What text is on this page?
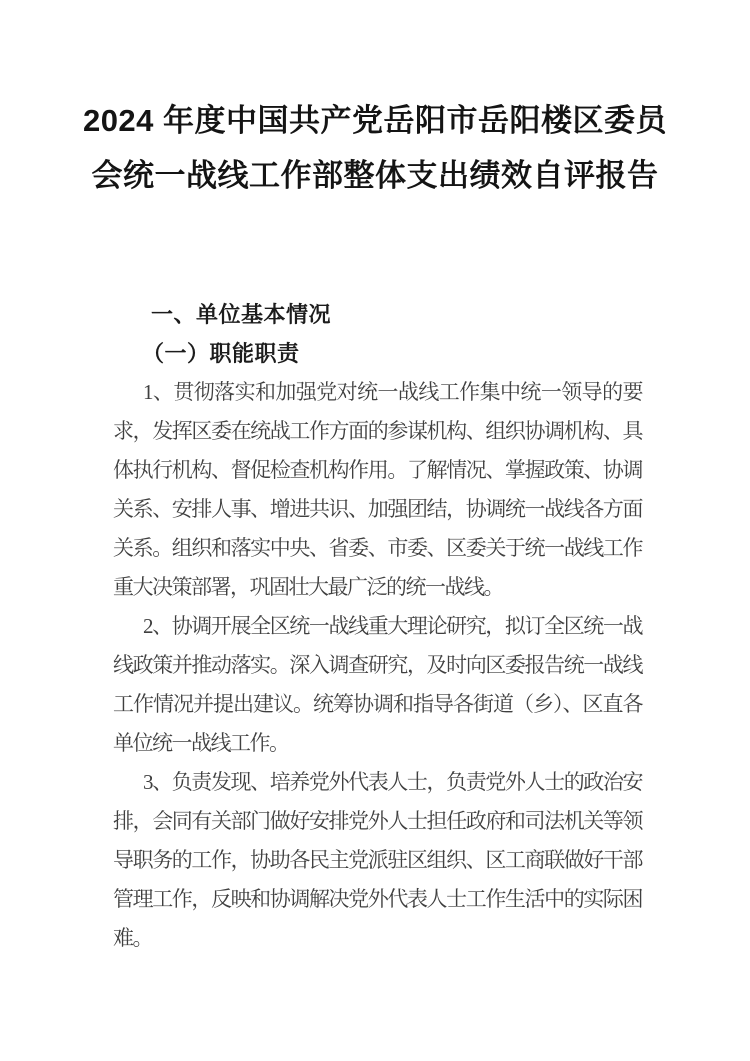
2024 年度中国共产党岳阳市岳阳楼区委员
会统一战线工作部整体支出绩效自评报告
一、单位基本情况
（一）职能职责

1、贯彻落实和加强党对统一战线工作集中统一领导的要求，发挥区委在统战工作方面的参谋机构、组织协调机构、具体执行机构、督促检查机构作用。了解情况、掌握政策、协调关系、安排人事、增进共识、加强团结，协调统一战线各方面关系。组织和落实中央、省委、市委、区委关于统一战线工作重大决策部署，巩固壮大最广泛的统一战线。

2、协调开展全区统一战线重大理论研究，拟订全区统一战线政策并推动落实。深入调查研究，及时向区委报告统一战线工作情况并提出建议。统筹协调和指导各街道（乡）、区直各单位统一战线工作。

3、负责发现、培养党外代表人士，负责党外人士的政治安排，会同有关部门做好安排党外人士担任政府和司法机关等领导职务的工作，协助各民主党派驻区组织、区工商联做好干部管理工作，反映和协调解决党外代表人士工作生活中的实际困难。
